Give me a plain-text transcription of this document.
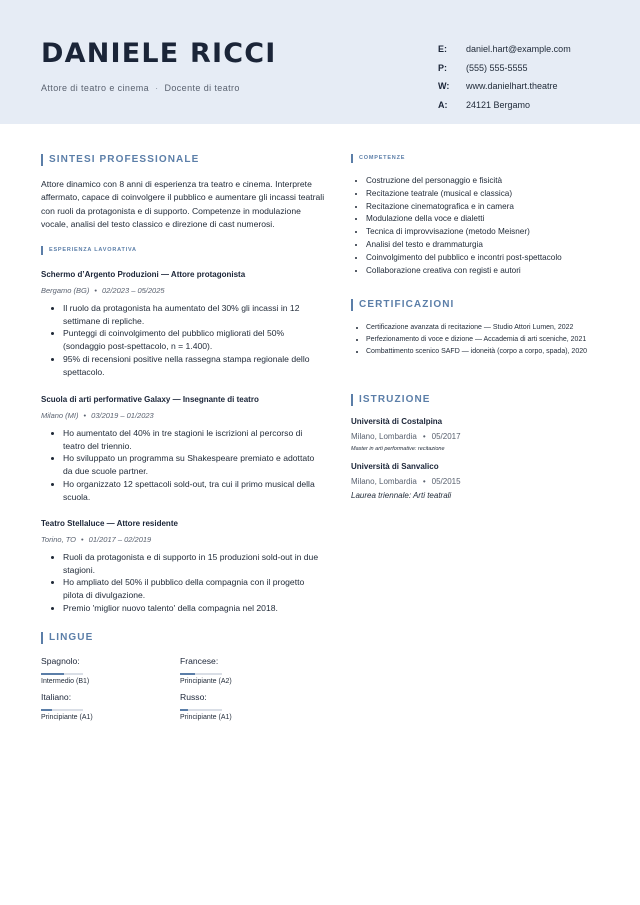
DANIELE RICCI
Attore di teatro e cinema · Docente di teatro
E:	daniel.hart@example.com
P:	(555) 555-5555
W:	www.danielhart.theatre
A:	24121 Bergamo
SINTESI PROFESSIONALE
Attore dinamico con 8 anni di esperienza tra teatro e cinema. Interprete affermato, capace di coinvolgere il pubblico e aumentare gli incassi teatrali con ruoli da protagonista e di supporto. Competenze in modulazione vocale, analisi del testo classico e direzione di cast numerosi.
ESPERIENZA LAVORATIVA
Schermo d’Argento Produzioni — Attore protagonista
Bergamo (BG) • 02/2023 – 05/2025
• Il ruolo da protagonista ha aumentato del 30% gli incassi in 12 settimane di repliche.
• Punteggi di coinvolgimento del pubblico migliorati del 50% (sondaggio post-spettacolo, n = 1.400).
• 95% di recensioni positive nella rassegna stampa regionale dello spettacolo.
Scuola di arti performative Galaxy — Insegnante di teatro
Milano (MI) • 03/2019 – 01/2023
• Ho aumentato del 40% in tre stagioni le iscrizioni al percorso di teatro del triennio.
• Ho sviluppato un programma su Shakespeare premiato e adottato da due scuole partner.
• Ho organizzato 12 spettacoli sold-out, tra cui il primo musical della scuola.
Teatro Stellaluce — Attore residente
Torino, TO • 01/2017 – 02/2019
• Ruoli da protagonista e di supporto in 15 produzioni sold-out in due stagioni.
• Ho ampliato del 50% il pubblico della compagnia con il progetto pilota di divulgazione.
• Premio 'miglior nuovo talento' della compagnia nel 2018.
LINGUE
Spagnolo:
Intermedio (B1)
Francese:
Principiante (A2)
Italiano:
Principiante (A1)
Russo:
Principiante (A1)
COMPETENZE
• Costruzione del personaggio e fisicità
• Recitazione teatrale (musical e classica)
• Recitazione cinematografica e in camera
• Modulazione della voce e dialetti
• Tecnica di improvvisazione (metodo Meisner)
• Analisi del testo e drammaturgia
• Coinvolgimento del pubblico e incontri post-spettacolo
• Collaborazione creativa con registi e autori
CERTIFICAZIONI
• Certificazione avanzata di recitazione — Studio Attori Lumen, 2022
• Perfezionamento di voce e dizione — Accademia di arti sceniche, 2021
• Combattimento scenico SAFD — idoneità (corpo a corpo, spada), 2020
ISTRUZIONE
Università di Costalpina
Milano, Lombardia • 05/2017
Master in arti performative: recitazione
Università di Sanvalico
Milano, Lombardia • 05/2015
Laurea triennale: Arti teatrali
